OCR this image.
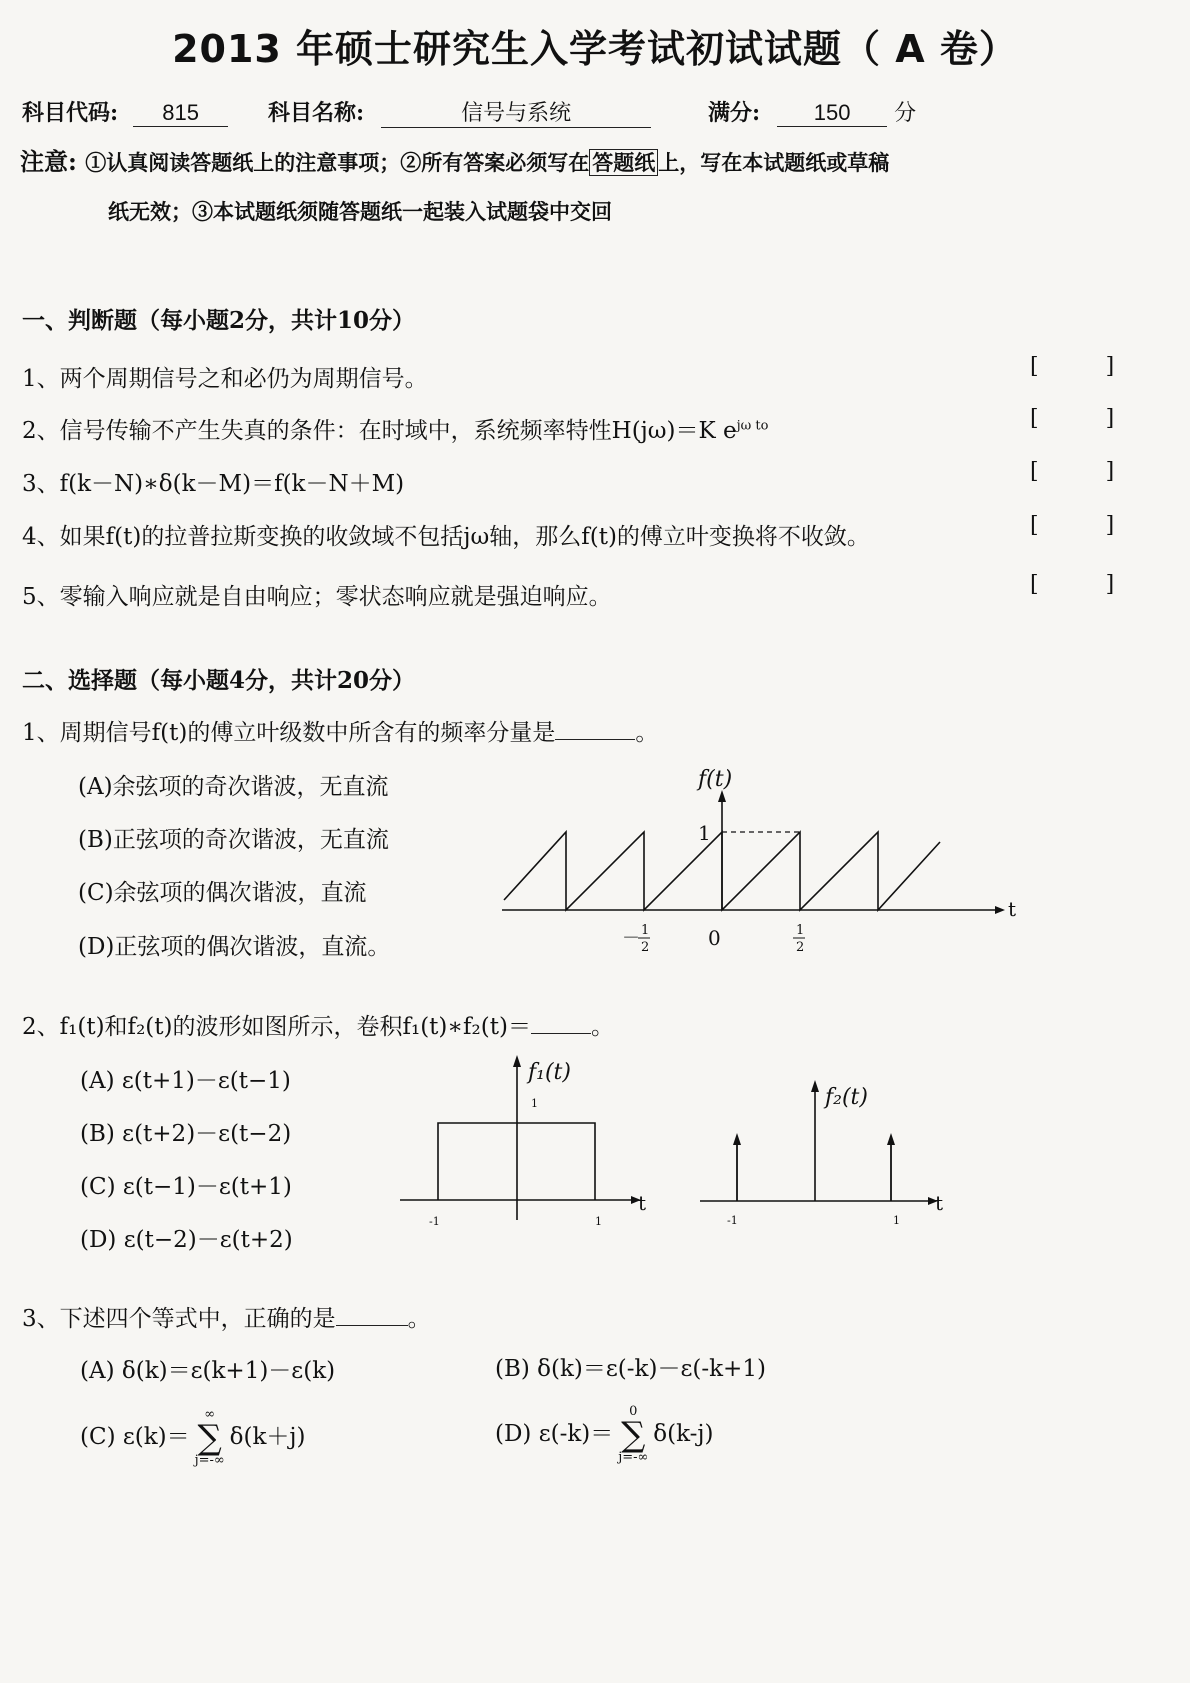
2013 年硕士研究生入学考试初试试题（ A 卷）
科目代码: 815	科目名称:	信号与系统	满分: 150 分
注意: ①认真阅读答题纸上的注意事项；②所有答案必须写在 答题纸 上，写在本试题纸或草稿
纸无效；③本试题纸须随答题纸一起装入试题袋中交回
一、判断题（每小题2分，共计10分）
1、两个周期信号之和必仍为周期信号。
2、信号传输不产生失真的条件：在时域中，系统频率特性H(jω)＝K $e^{j\omega to}$
3、f(k－N)∗δ(k－M)＝f(k－N＋M)
4、如果f(t)的拉普拉斯变换的收敛域不包括jω轴，那么f(t)的傅立叶变换将不收敛。
5、零输入响应就是自由响应；零状态响应就是强迫响应。
[ ]
[ ]
[ ]
[ ]
[ ]
二、选择题（每小题4分，共计20分）
1、周期信号f(t)的傅立叶级数中所含有的频率分量是	。
(A)余弦项的奇次谐波，无直流
(B)正弦项的奇次谐波，无直流
(C)余弦项的偶次谐波，直流
(D)正弦项的偶次谐波，直流。
f(t)
1
t
0
－ 1
2
1
2
2、f₁(t)和f₂(t)的波形如图所示，卷积f₁(t)∗f₂(t)＝	。
(A) ε(t+1)－ε(t−1)
(B) ε(t+2)－ε(t−2)
(C) ε(t−1)－ε(t+1)
(D) ε(t−2)－ε(t+2)
f₁(t)
1
-1	1
t
f₂(t)
-1	1
t
3、下述四个等式中，正确的是	。
(A) δ(k)＝ε(k+1)－ε(k)	(B) δ(k)＝ε(-k)－ε(-k+1)
(C) ε(k)＝
∞
∑
j=-∞
δ(k＋j)	(D) ε(-k)＝
0
∑
j=-∞
δ(k-j)
